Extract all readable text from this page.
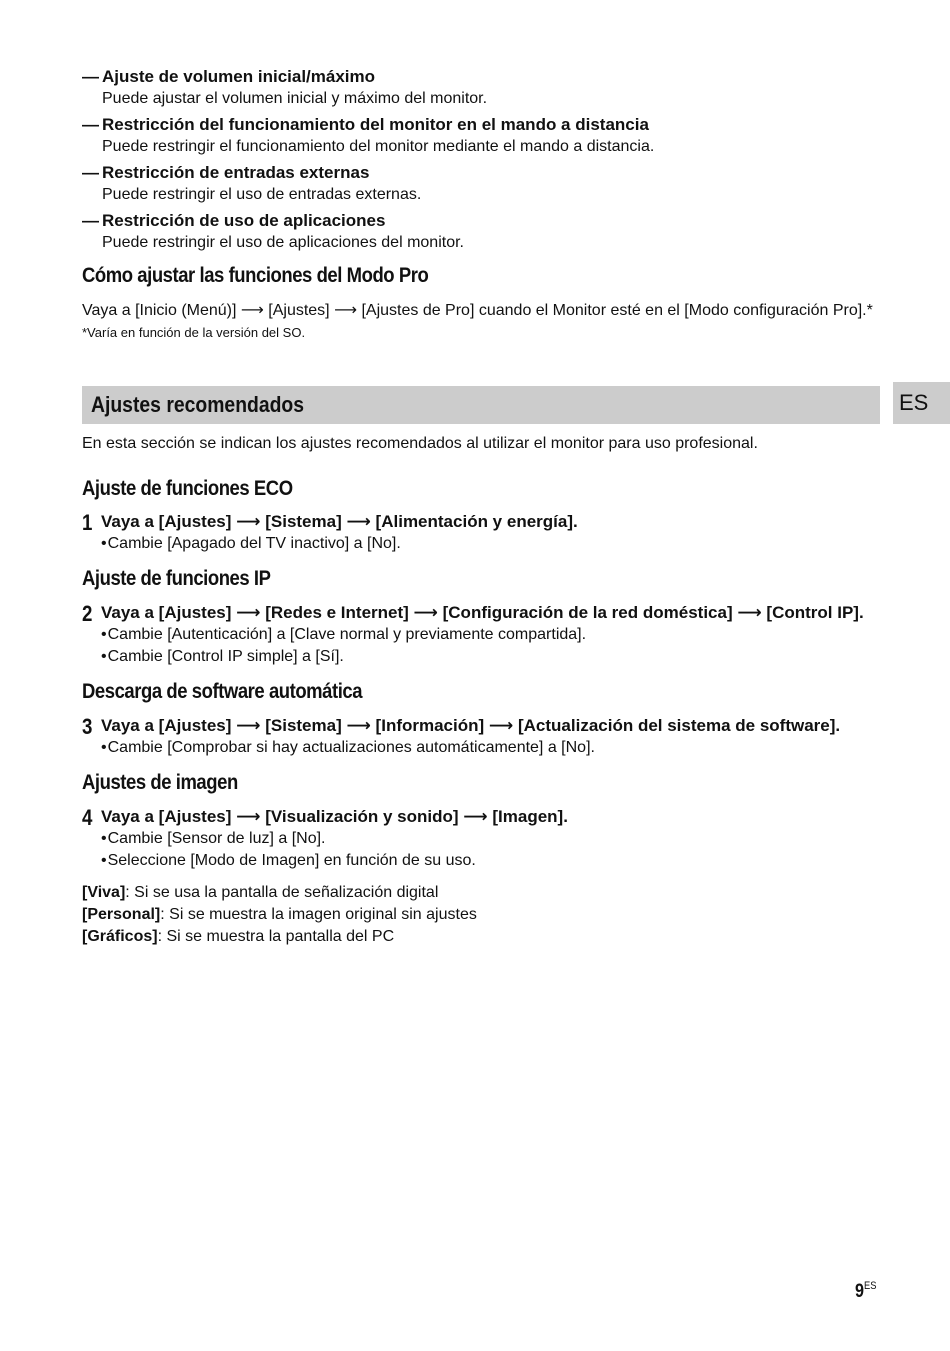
— Ajuste de volumen inicial/máximo
Puede ajustar el volumen inicial y máximo del monitor.
— Restricción del funcionamiento del monitor en el mando a distancia
Puede restringir el funcionamiento del monitor mediante el mando a distancia.
— Restricción de entradas externas
Puede restringir el uso de entradas externas.
— Restricción de uso de aplicaciones
Puede restringir el uso de aplicaciones del monitor.
Cómo ajustar las funciones del Modo Pro

Vaya a [Inicio (Menú)] ⟶ [Ajustes] ⟶ [Ajustes de Pro] cuando el Monitor esté en el [Modo configuración Pro].*

*Varía en función de la versión del SO.

Ajustes recomendados	ES

En esta sección se indican los ajustes recomendados al utilizar el monitor para uso profesional.

Ajuste de funciones ECO
1 Vaya a [Ajustes] ⟶ [Sistema] ⟶ [Alimentación y energía].
• Cambie [Apagado del TV inactivo] a [No].
Ajuste de funciones IP
2 Vaya a [Ajustes] ⟶ [Redes e Internet] ⟶ [Configuración de la red doméstica] ⟶ [Control IP].
• Cambie [Autenticación] a [Clave normal y previamente compartida].
• Cambie [Control IP simple] a [Sí].
Descarga de software automática
3 Vaya a [Ajustes] ⟶ [Sistema] ⟶ [Información] ⟶ [Actualización del sistema de software].
• Cambie [Comprobar si hay actualizaciones automáticamente] a [No].
Ajustes de imagen
4 Vaya a [Ajustes] ⟶ [Visualización y sonido] ⟶ [Imagen].
• Cambie [Sensor de luz] a [No].
• Seleccione [Modo de Imagen] en función de su uso.
[Viva]: Si se usa la pantalla de señalización digital
[Personal]: Si se muestra la imagen original sin ajustes
[Gráficos]: Si se muestra la pantalla del PC
$9^{ES}$
